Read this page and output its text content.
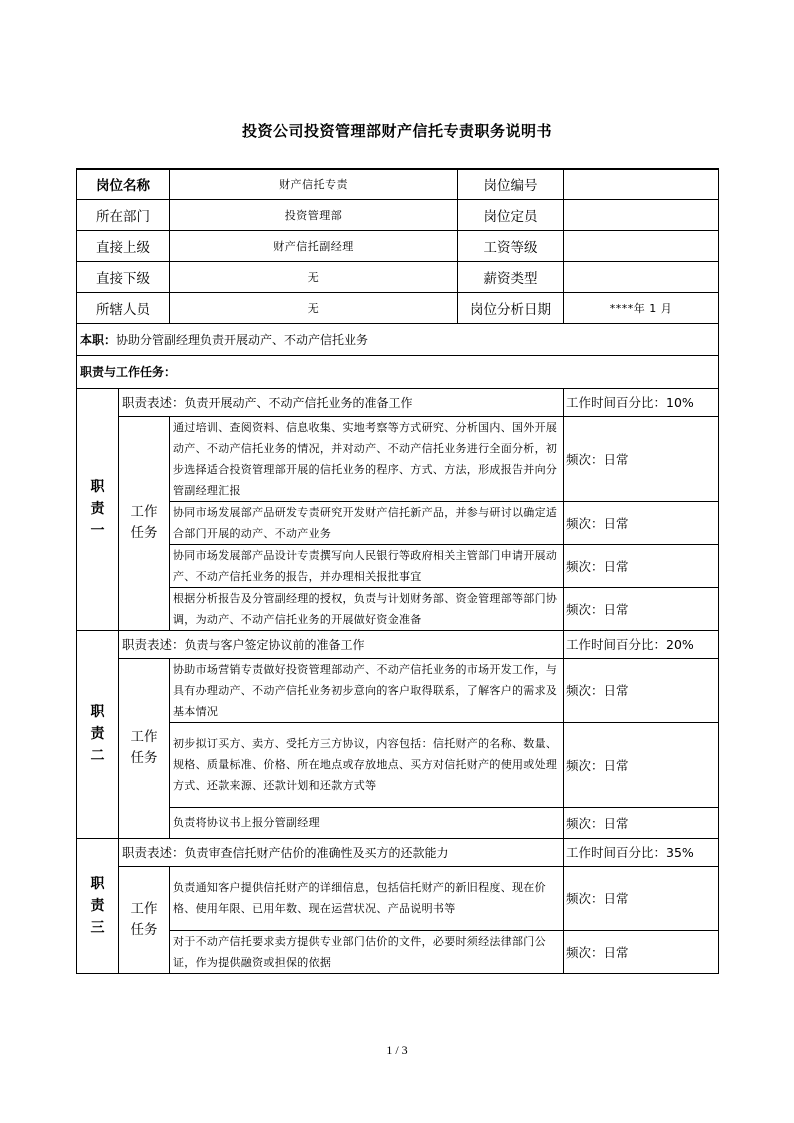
投资公司投资管理部财产信托专责职务说明书
岗位名称		财产信托专责	岗位编号	
所在部门		投资管理部	岗位定员	
直接上级		财产信托副经理	工资等级	
直接下级		无	薪资类型	
所辖人员		无	岗位分析日期	****年 1 月
本职：协助分管副经理负责开展动产、不动产信托业务				
职责与工作任务：				
职
责
一	职责表述：负责开展动产、不动产信托业务的准备工作			工作时间百分比：10%
	工作
任务	通过培训、查阅资料、信息收集、实地考察等方式研究、分析国内、国外开展动产、不动产信托业务的情况，并对动产、不动产信托业务进行全面分析，初步选择适合投资管理部开展的信托业务的程序、方式、方法，形成报告并向分管副经理汇报		频次：日常
		协同市场发展部产品研发专责研究开发财产信托新产品，并参与研讨以确定适合部门开展的动产、不动产业务		频次：日常
		协同市场发展部产品设计专责撰写向人民银行等政府相关主管部门申请开展动产、不动产信托业务的报告，并办理相关报批事宜		频次：日常
		根据分析报告及分管副经理的授权，负责与计划财务部、资金管理部等部门协调，为动产、不动产信托业务的开展做好资金准备		频次：日常
职
责
二	职责表述：负责与客户签定协议前的准备工作			工作时间百分比：20%
	工作
任务	协助市场营销专责做好投资管理部动产、不动产信托业务的市场开发工作，与具有办理动产、不动产信托业务初步意向的客户取得联系，了解客户的需求及基本情况		频次：日常
		初步拟订买方、卖方、受托方三方协议，内容包括：信托财产的名称、数量、规格、质量标准、价格、所在地点或存放地点、买方对信托财产的使用或处理方式、还款来源、还款计划和还款方式等		频次：日常
		负责将协议书上报分管副经理		频次：日常
职
责
三	职责表述：负责审查信托财产估价的准确性及买方的还款能力			工作时间百分比：35%
	工作
任务	负责通知客户提供信托财产的详细信息，包括信托财产的新旧程度、现在价格、使用年限、已用年数、现在运营状况、产品说明书等		频次：日常
		对于不动产信托要求卖方提供专业部门估价的文件，必要时须经法律部门公证，作为提供融资或担保的依据		频次：日常
1 / 3
